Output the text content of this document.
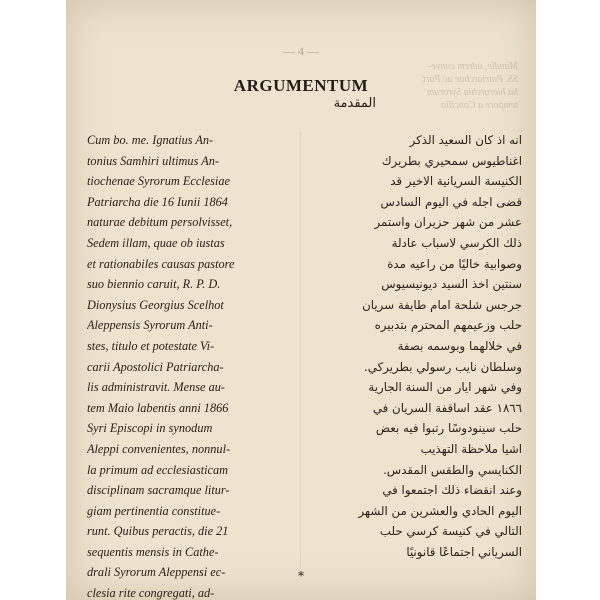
Mandie, adrem conve-
SS. Patriarchae ac Part
ha hierarchia Syrorum
tempore a Concilio
— 4 —
ARGUMENTUM
المقدمة
Cum bo. me. Ignatius An-
tonius Samhiri ultimus An-
tiochenae Syrorum Ecclesiae
Patriarcha die 16 Iunii 1864
naturae debitum persolvisset,
Sedem illam, quae ob iustas
et rationabiles causas pastore
suo biennio caruit, R. P. D.
Dionysius Georgius Scelhot
Aleppensis Syrorum Anti-
stes, titulo et potestate Vi-
carii Apostolici Patriarcha-
lis administravit. Mense au-
tem Maio labentis anni 1866
Syri Episcopi in synodum
Aleppi convenientes, nonnul-
la primum ad ecclesiasticam
disciplinam sacramque litur-
giam pertinentia constitue-
runt. Quibus peractis, die 21
sequentis mensis in Cathe-
drali Syrorum Aleppensi ec-
clesia rite congregati, ad-
انه اذ كان السعيد الذكر
اغناطيوس سمحيري بطريرك
الكنيسة السريانية الاخير قد
قضى اجله في اليوم السادس
عشر من شهر حزيران واستمر
ذلك الكرسي لاسباب عادلة
وصوابية خاليًا من راعيه مدة
سنتين اخذ السيد ديونيسيوس
جرجس شلحة امام طايفة سريان
حلب وزعيمهم المحترم بتدبيره
في خلالهما وبوسمه بصفة
وسلطان نايب رسولي بطريركي.
وفي شهر ايار من السنة الجارية
١٨٦٦ عقد اساقفة السريان في
حلب سينودوسًا رتبوا فيه بعض
اشيا ملاحظة التهذيب
الكنايسي والطقس المقدس.
وعند انقضاء ذلك اجتمعوا في
اليوم الحادي والعشرين من الشهر
التالي في كنيسة كرسي حلب
السرياني اجتماعًا قانونيًا
*
